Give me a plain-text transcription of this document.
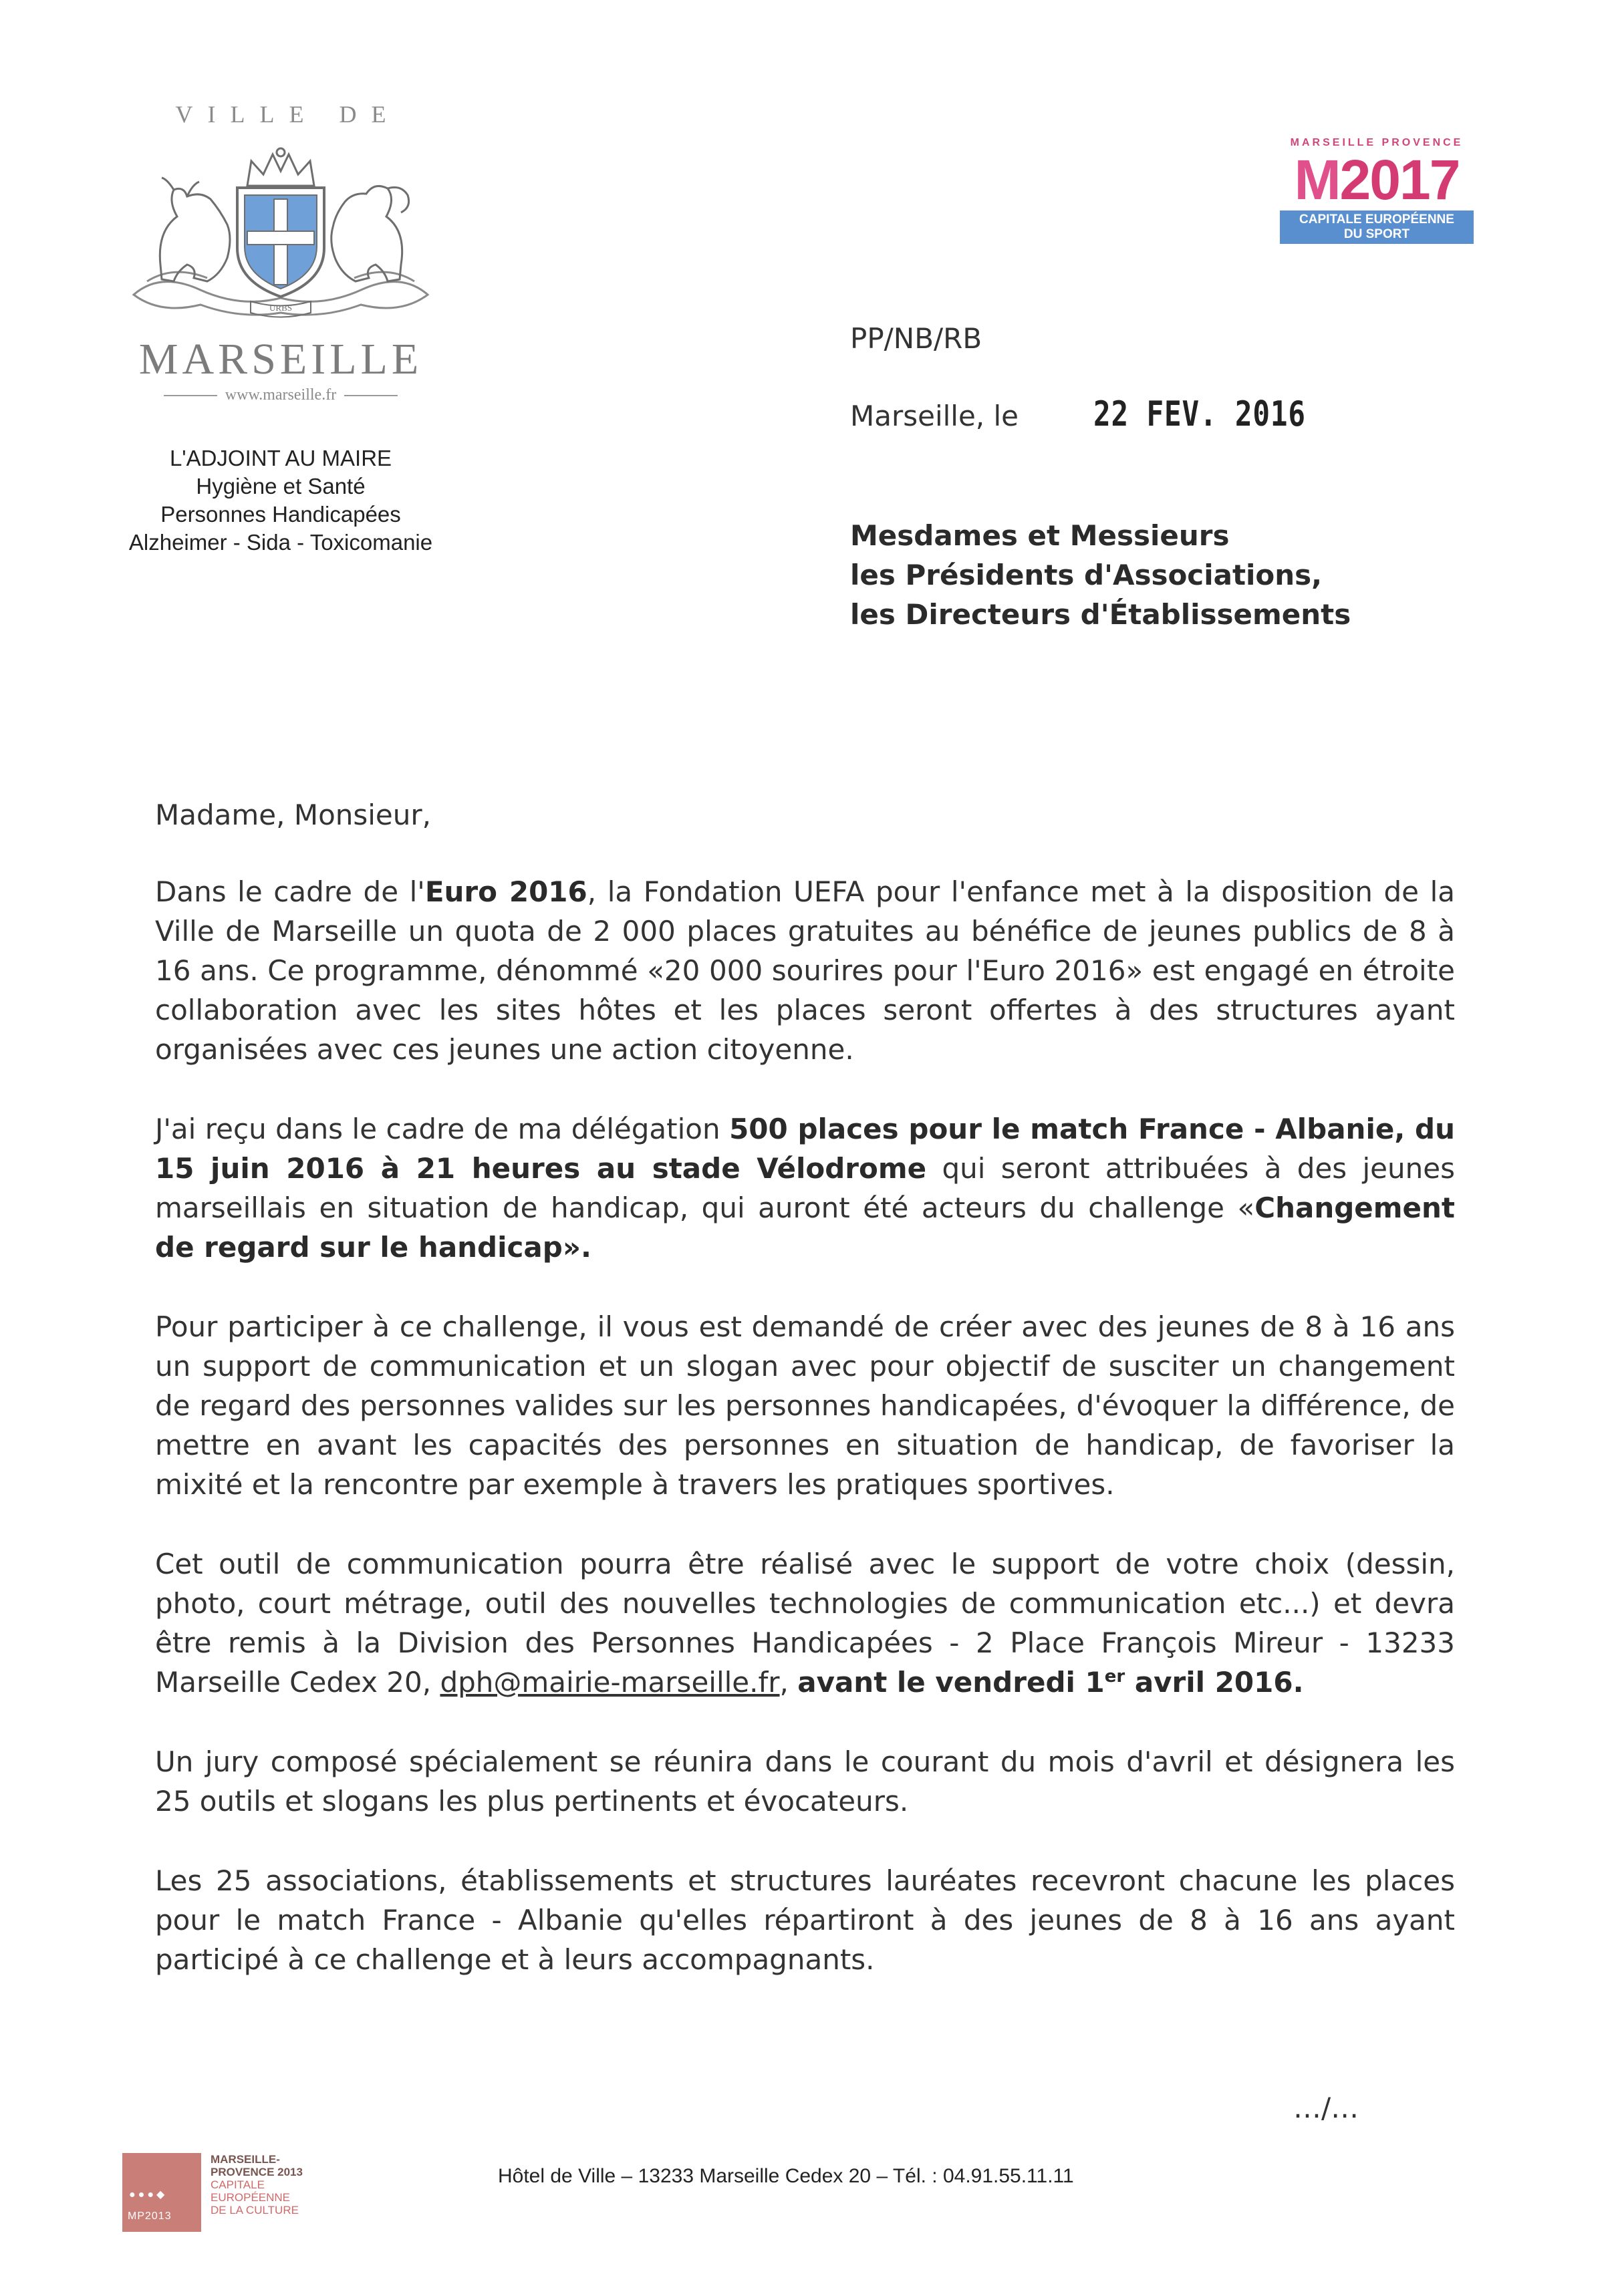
VILLE DE
URBS
MARSEILLE
www.marseille.fr
L'ADJOINT AU MAIRE
Hygiène et Santé
Personnes Handicapées
Alzheimer - Sida - Toxicomanie
MARSEILLE PROVENCE
M2017
CAPITALE EUROPÉENNE
DU SPORT
PP/NB/RB
Marseille, le 22 FEV. 2016
Mesdames et Messieurs
les Présidents d'Associations,
les Directeurs d'Établissements

Madame, Monsieur,

Dans le cadre de l'Euro 2016, la Fondation UEFA pour l'enfance met à la disposition de la Ville de Marseille un quota de 2 000 places gratuites au bénéfice de jeunes publics de 8 à 16 ans. Ce programme, dénommé «20 000 sourires pour l'Euro 2016» est engagé en étroite collaboration avec les sites hôtes et les places seront offertes à des structures ayant organisées avec ces jeunes une action citoyenne.

J'ai reçu dans le cadre de ma délégation 500 places pour le match France - Albanie, du 15 juin 2016 à 21 heures au stade Vélodrome qui seront attribuées à des jeunes marseillais en situation de handicap, qui auront été acteurs du challenge «Changement de regard sur le handicap».

Pour participer à ce challenge, il vous est demandé de créer avec des jeunes de 8 à 16 ans un support de communication et un slogan avec pour objectif de susciter un changement de regard des personnes valides sur les personnes handicapées, d'évoquer la différence, de mettre en avant les capacités des personnes en situation de handicap, de favoriser la mixité et la rencontre par exemple à travers les pratiques sportives.

Cet outil de communication pourra être réalisé avec le support de votre choix (dessin, photo, court métrage, outil des nouvelles technologies de communication etc...) et devra être remis à la Division des Personnes Handicapées - 2 Place François Mireur - 13233 Marseille Cedex 20, dph@mairie-marseille.fr, avant le vendredi 1er avril 2016.

Un jury composé spécialement se réunira dans le courant du mois d'avril et désignera les 25 outils et slogans les plus pertinents et évocateurs.

Les 25 associations, établissements et structures lauréates recevront chacune les places pour le match France - Albanie qu'elles répartiront à des jeunes de 8 à 16 ans ayant participé à ce challenge et à leurs accompagnants.

…/…
●●●◆
MP2013
MARSEILLE-
PROVENCE 2013
CAPITALE
EUROPÉENNE
DE LA CULTURE
Hôtel de Ville – 13233 Marseille Cedex 20 – Tél. : 04.91.55.11.11
